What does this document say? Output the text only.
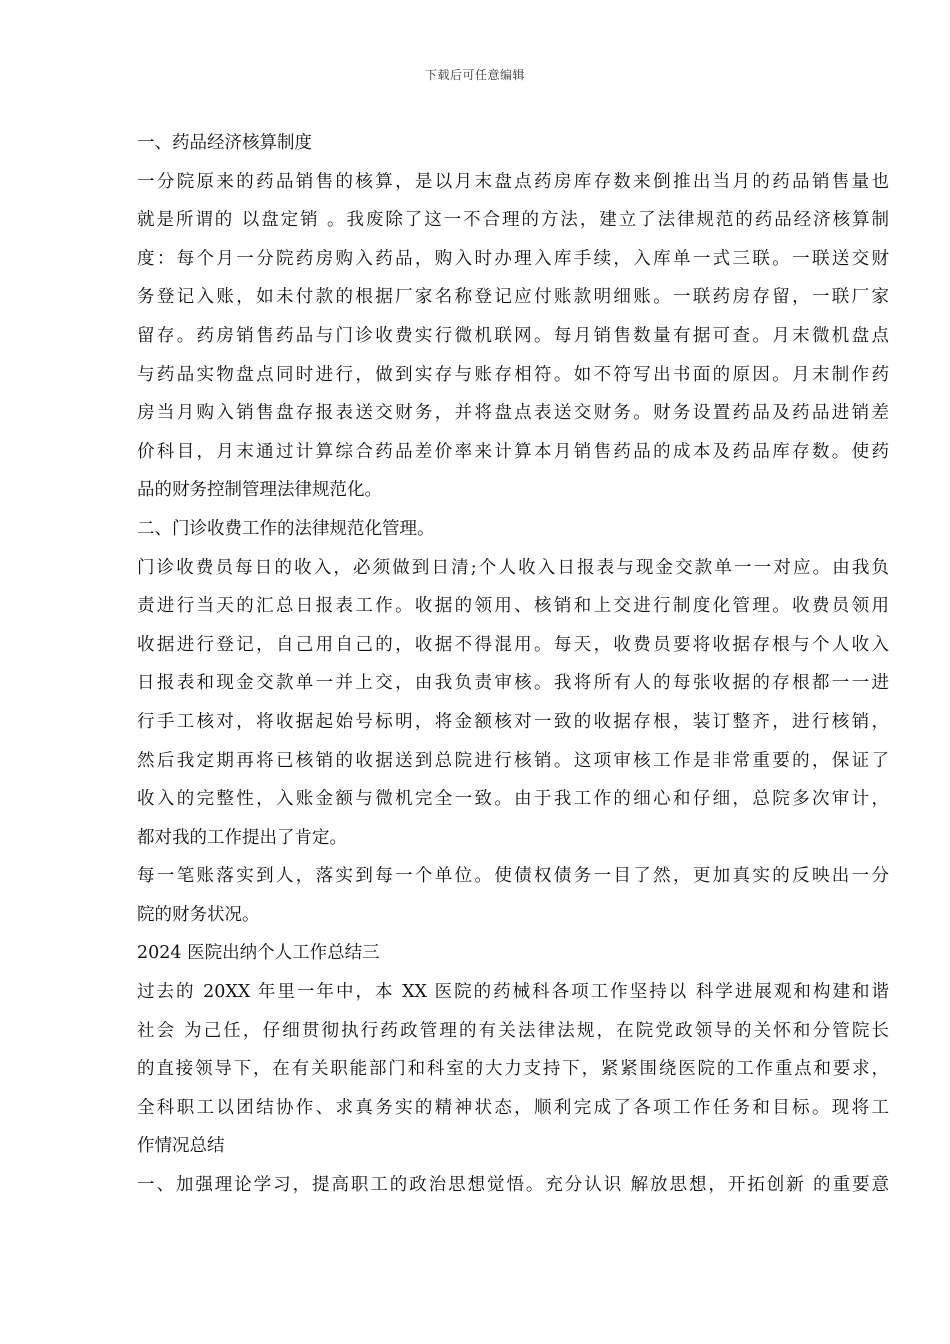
下载后可任意编辑
一、药品经济核算制度
一分院原来的药品销售的核算，是以月末盘点药房库存数来倒推出当月的药品销售量也
就是所谓的 以盘定销 。我废除了这一不合理的方法，建立了法律规范的药品经济核算制
度：每个月一分院药房购入药品，购入时办理入库手续，入库单一式三联。一联送交财
务登记入账，如未付款的根据厂家名称登记应付账款明细账。一联药房存留，一联厂家
留存。药房销售药品与门诊收费实行微机联网。每月销售数量有据可查。月末微机盘点
与药品实物盘点同时进行，做到实存与账存相符。如不符写出书面的原因。月末制作药
房当月购入销售盘存报表送交财务，并将盘点表送交财务。财务设置药品及药品进销差
价科目，月末通过计算综合药品差价率来计算本月销售药品的成本及药品库存数。使药
品的财务控制管理法律规范化。
二、门诊收费工作的法律规范化管理。
门诊收费员每日的收入，必须做到日清;个人收入日报表与现金交款单一一对应。由我负
责进行当天的汇总日报表工作。收据的领用、核销和上交进行制度化管理。收费员领用
收据进行登记，自己用自己的，收据不得混用。每天，收费员要将收据存根与个人收入
日报表和现金交款单一并上交，由我负责审核。我将所有人的每张收据的存根都一一进
行手工核对，将收据起始号标明，将金额核对一致的收据存根，装订整齐，进行核销，
然后我定期再将已核销的收据送到总院进行核销。这项审核工作是非常重要的，保证了
收入的完整性，入账金额与微机完全一致。由于我工作的细心和仔细，总院多次审计，
都对我的工作提出了肯定。
每一笔账落实到人，落实到每一个单位。使债权债务一目了然，更加真实的反映出一分
院的财务状况。
2024 医院出纳个人工作总结三
过去的 20XX 年里一年中，本 XX 医院的药械科各项工作坚持以 科学进展观和构建和谐
社会 为己任，仔细贯彻执行药政管理的有关法律法规，在院党政领导的关怀和分管院长
的直接领导下，在有关职能部门和科室的大力支持下，紧紧围绕医院的工作重点和要求，
全科职工以团结协作、求真务实的精神状态，顺利完成了各项工作任务和目标。现将工
作情况总结
一、加强理论学习，提高职工的政治思想觉悟。充分认识 解放思想，开拓创新 的重要意
